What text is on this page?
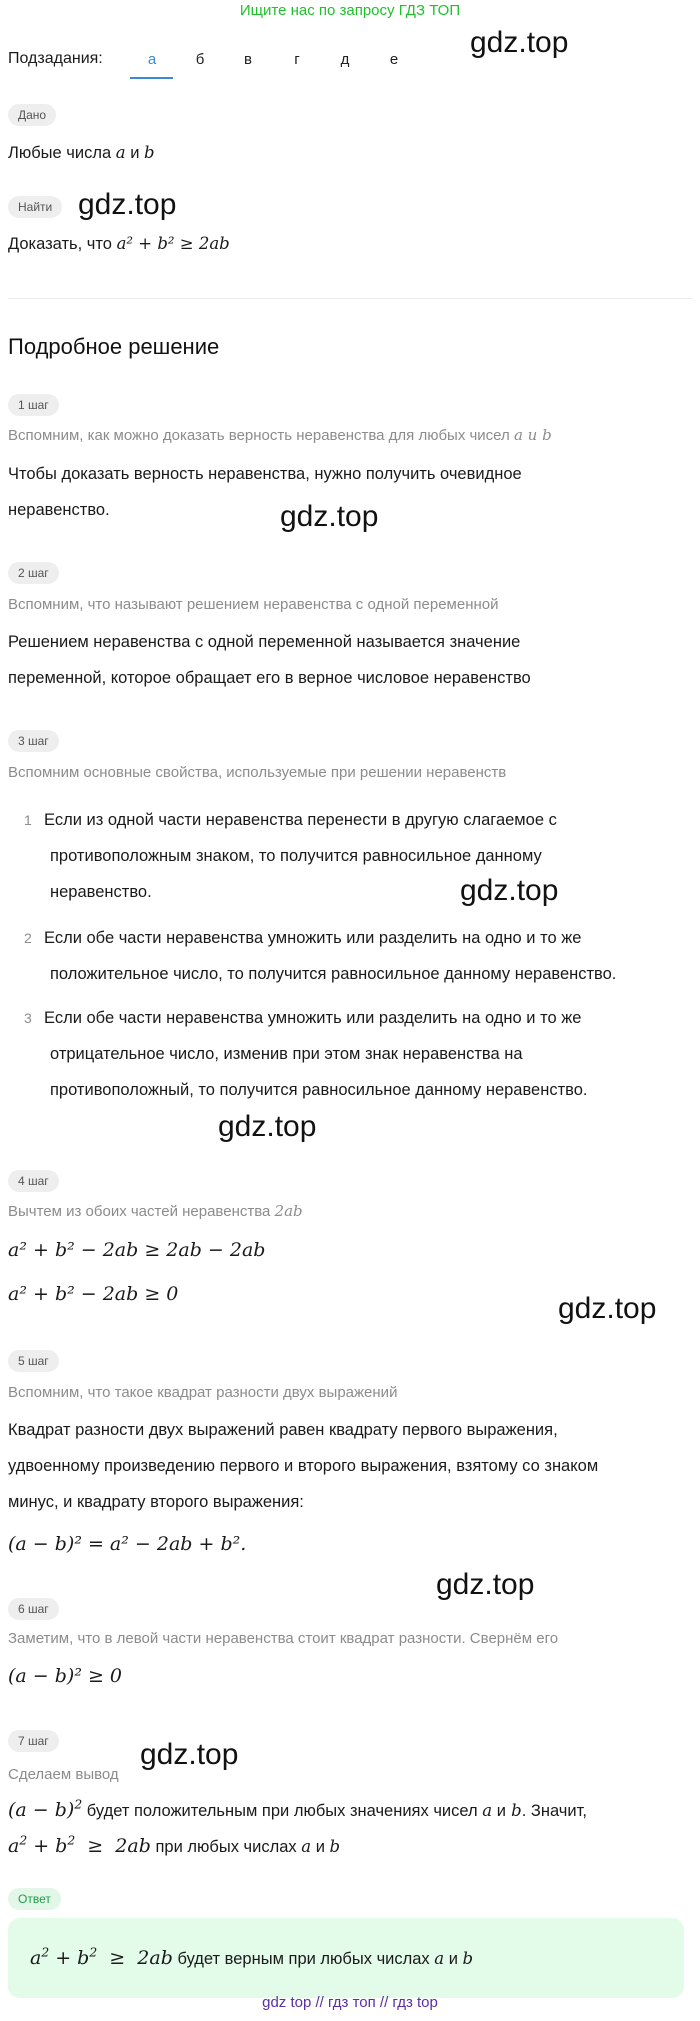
Ищите нас по запросу ГДЗ ТОП
Подзадания:	а	б	в	г	д	е
gdz.top
Дано
Любые числа a и b
Найти gdz.top
Доказать, что a² + b² ≥ 2ab
Подробное решение
1 шаг
Вспомним, как можно доказать верность неравенства для любых чисел a и b
Чтобы доказать верность неравенства, нужно получить очевидное
неравенство.	gdz.top
2 шаг
Вспомним, что называют решением неравенства с одной переменной
Решением неравенства с одной переменной называется значение
переменной, которое обращает его в верное числовое неравенство
3 шаг
Вспомним основные свойства, используемые при решении неравенств
1 Если из одной части неравенства перенести в другую слагаемое с
противоположным знаком, то получится равносильное данному
неравенство.	gdz.top
2 Если обе части неравенства умножить или разделить на одно и то же
положительное число, то получится равносильное данному неравенство.
3 Если обе части неравенства умножить или разделить на одно и то же
отрицательное число, изменив при этом знак неравенства на
противоположный, то получится равносильное данному неравенство.
gdz.top
4 шаг
Вычтем из обоих частей неравенства 2ab
a² + b² − 2ab ≥ 2ab − 2ab
a² + b² − 2ab ≥ 0	gdz.top
5 шаг
Вспомним, что такое квадрат разности двух выражений
Квадрат разности двух выражений равен квадрату первого выражения,
удвоенному произведению первого и второго выражения, взятому со знаком
минус, и квадрату второго выражения:
(a − b)² = a² − 2ab + b².
gdz.top
6 шаг
Заметим, что в левой части неравенства стоит квадрат разности. Свернём его
(a − b)² ≥ 0
7 шаг	gdz.top
Сделаем вывод
$(a - b)^2$ будет положительным при любых значениях чисел a и b. Значит,
$a^2 + b^2 \ge 2ab$ при любых числах a и b
Ответ
$a^2 + b^2 \ge 2ab$ будет верным при любых числах a и b
gdz top // гдз топ // гдз top
